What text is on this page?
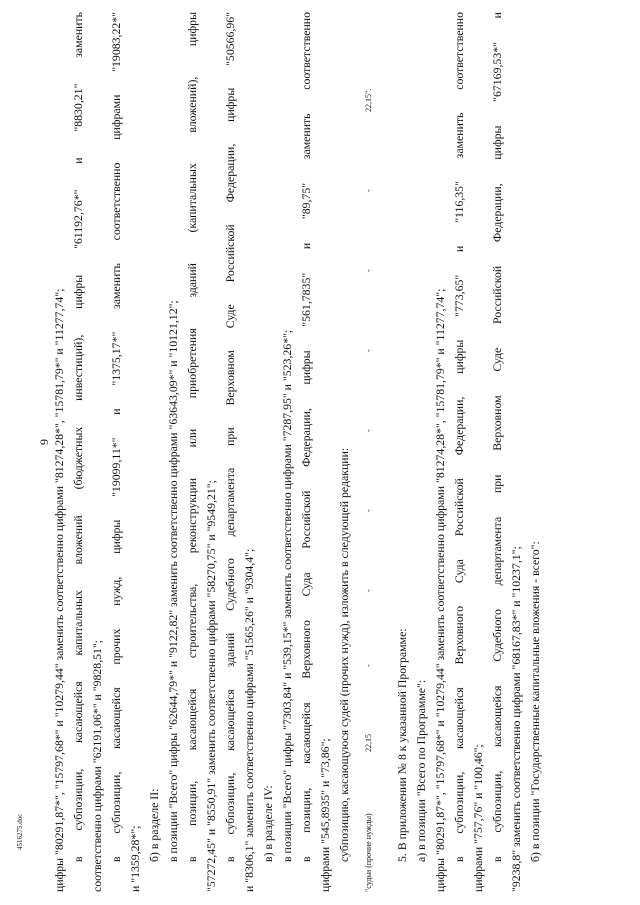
9 цифры "80291,87*", "15797,68*" и "10279,44" заменить соответственно цифрами "81274,28*", "15781,79*" и "11277,74"; в субпозиции, касающейся капитальных вложений (бюджетных инвестиций), цифры "61192,76*" и "8830,21" заменить соответственно цифрами "62191,06*" и "9828,51"; в субпозиции, касающейся прочих нужд, цифры "19099,11*" и "1375,17*" заменить соответственно цифрами "19083,22*" и "1359,28*"; б) в разделе II: в позиции "Всего" цифры "62644,79*" и "9122,82" заменить соответственно цифрами "63643,09*" и "10121,12"; в позиции, касающейся строительства, реконструкции или приобретения зданий (капитальных вложений), цифры "57272,45" и "8550,91" заменить соответственно цифрами "58270,75" и "9549,21"; в субпозиции, касающейся зданий Судебного департамента при Верховном Суде Российской Федерации, цифры "50566,96" и "8306,1" заменить соответственно цифрами "51565,26" и "9304,4"; в) в разделе IV: в позиции "Всего" цифры "7303,84" и "539,15*" заменить соответственно цифрами "7287,95" и "523,26*"; в позиции, касающейся Верховного Суда Российской Федерации, цифры "561,7835" и "89,75" заменить соответственно цифрами "545,8935" и "73,86"; субпозицию, касающуюся судей (прочих нужд), изложить в следующей редакции: "судьи (прочие нужды)
22,15
-
-
-
-
-
-
-
22,15".
5. В приложении № 8 к указанной Программе: а) в позиции "Всего по Программе": цифры "80291,87*", "15797,68*" и "10279,44" заменить соответственно цифрами "81274,28*", "15781,79*" и "11277,74"; в субпозиции, касающейся Верховного Суда Российской Федерации, цифры "773,65" и "116,35" заменить соответственно цифрами "757,76" и "100,46"; в субпозиции, касающейся Судебного департамента при Верховном Суде Российской Федерации, цифры "67169,53*" и "9238,8" заменить соответственно цифрами "68167,83*" и "10237,1"; б) в позиции "Государственные капитальные вложения - всего":
4516275.doc
